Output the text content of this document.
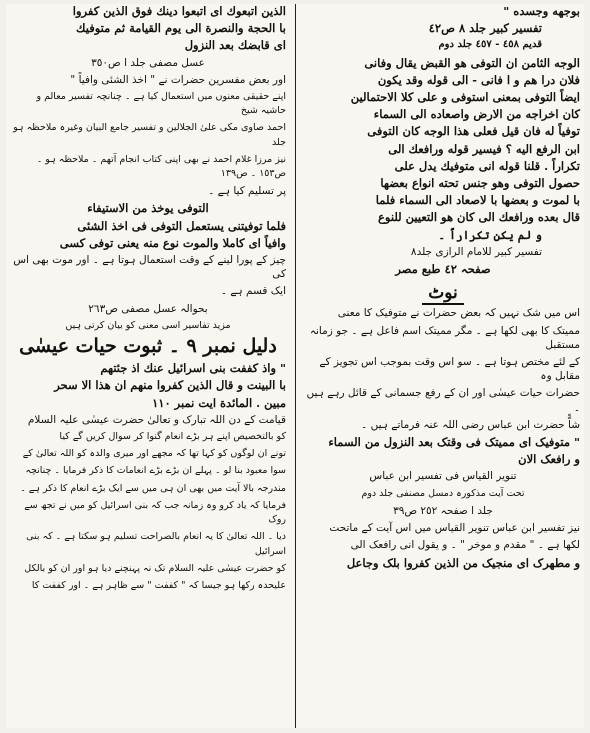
بوجهه وجسده "
تفسير كبير جلد ٨ ص٤٢
قديم ٤٥٨ - ٤٥٧ جلد دوم
الوجه الثامن ان التوفى هو القبض يقال وفانى
فلان درا هم و ا فانى - الى قوله وقد يكون
ايضاً التوفى بمعنى استوفى و على كلا الاحتمالين
كان اخراجه من الارض واصعاده الى السماء
توفياً له فان قيل فعلى هذا الوجه كان التوفى
ابن الرفع اليه ؟ فيسير قوله ورافعك الى
تكراراً . قلنا قوله انى متوفيك يدل على
حصول التوفى وهو جنس تحته انواع بعضها
با لموت و بعضها با لاصعاد الى السماء فلما
قال بعده ورافعك الى كان هو التعيين للنوع
و لم يكن تكراراً ۔
تفسیر کبیر للامام الرازی جلد۸
صفحہ ٤٢ طبع مصر
نوٹ
اس میں شک نہیں کہ بعض حضرات نے متوفیک کا معنی
ممیتک کا بھی لکھا ہے ۔ مگر ممیتک اسم فاعل ہے ۔ جو زمانہ مستقبل
کے لئے مختص ہوتا ہے ۔ سو اس وقت بموجب اس تجویز کے مقابل وہ
حضرات حیات عیسٰی اور ان کے رفع جسمانی کے قائل رہے ہیں ۔
شاًّ حضرت ابن عباس رضی اللہ عنہ فرماتے ہیں ۔
" متوفیک ای ممیتک فی وقتک بعد النزول من السماء
و رافعک الان
تنویر القیاس فی تفسیر ابن عباس
تحت آیت مذکورہ دمسل مصنفی جلد دوم
جلد ا صفحہ ٢٥٢ ص٣٩
نیز تفسیر ابن عباس تنویر القیاس میں اس آیت کے ماتحت
لکھا ہے ۔ " مقدم و موخر " ۔ و یقول انی رافعک الی
و مطهرک ای منجیک من الذین کفروا بلک وجاعل
الذين اتبعوك اى اتبعوا دينك فوق الذين كفروا
با الحجة والنصرة الى يوم القيامة ثم متوفيك
اى قابضك بعد النزول
عسل مصفى جلد ا ص٣٥٠
اور بعض مفسرین حضرات نے " اخذ الشئی وافیاً "
اپنے حقیقی معنوں میں استعمال کیا ہے ۔ چنانچہ تفسیر معالم و حاشیہ شیخ
احمد صاوی مکی علیٰ الجلالین و تفسیر جامع البیان وغیرہ ملاحظہ ہو جلد
نیز مرزا غلام احمد نے بھی اپنی کتاب انجام آتھم ۔ ملاحظہ ہو ۔ ص١٥٣ ۔ ص١٣٩
پر تسلیم کیا ہے ۔
التوفی یوخذ من الاستیفاء
فلما توفیتنی یستعمل التوفی فی اخذ الشئی
وافیاً ای کاملا والموت نوع منه یعنی توفی کسی
چیز کے پورا لینے کے وقت استعمال ہوتا ہے ۔ اور موت بھی اس کی
ایک قسم ہے ۔
بحوالہ عسل مصفی ص٢٦٣
مزید تفاسیر اسی معنی کو بیان کرتی ہیں
دلیل نمبر ۹ ۔ ثبوت حیات عیسٰی
" واذ كففت بنی اسرائيل عنك اذ جئتهم
با البينت و قال الذين كفروا منهم ان هذا الا سحر
مبين . المائدة ايت نمبر ١١٠
قیامت کے دن اللہ تبارک و تعالیٰ حضرت عیسٰی علیہ السلام
کو بالتخصیص اپنے ہر بڑے انعام گنوا کر سوال کریں گے کیا
تونے ان لوگوں کو کہا تھا کہ مجھے اور میری والدہ کو اللہ تعالیٰ کے
سوا معبود بنا لو ۔ پہلے ان بڑے بڑے انعامات کا ذکر فرمایا ۔ چنانچہ
مندرجہ بالا آیت میں بھی ان ہی میں سے ایک بڑے انعام کا ذکر ہے ۔
فرمایا کہ یاد کرو وہ زمانہ جب کہ بنی اسرائیل کو میں نے تجھ سے روک
دیا ۔ اللہ تعالیٰ کا یہ انعام بالصراحت تسلیم ہو سکتا ہے ۔ کہ بنی اسرائیل
کو حضرت عیسٰی علیہ السلام تک نہ پہنچنے دیا ہو اور ان کو بالکل
علیحدہ رکھا ہو جیسا کہ " کففت " سے ظاہر ہے ۔ اور کففت کا
